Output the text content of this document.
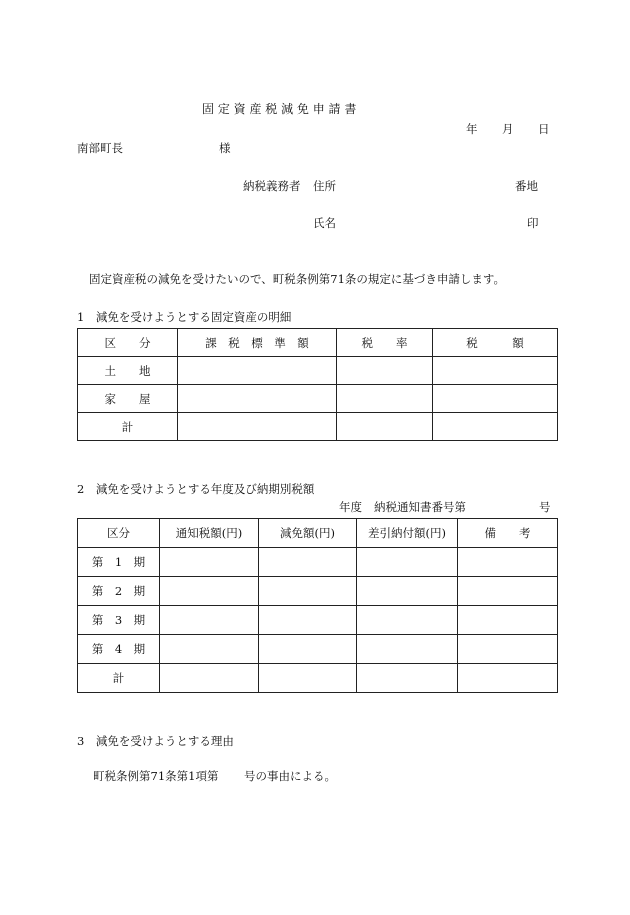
固 定 資 産 税 減 免 申 請 書
年 月 日
南部町長	様
納税義務者 住所	番地
氏名	印
固定資産税の減免を受けたいので、町税条例第71条の規定に基づき申請します。
1　減免を受けようとする固定資産の明細
区　　分	課　税　標　準　額	税　　率	税　　　額
土　　地			
家　　屋			
計			
2　減免を受けようとする年度及び納期別税額
年度 納税通知書番号第	号
区分	通知税額(円)	減免額(円)	差引納付額(円)	備　　考
第　1　期				
第　2　期				
第　3　期				
第　4　期				
計				
3　減免を受けようとする理由
町税条例第71条第1項第 号の事由による。
